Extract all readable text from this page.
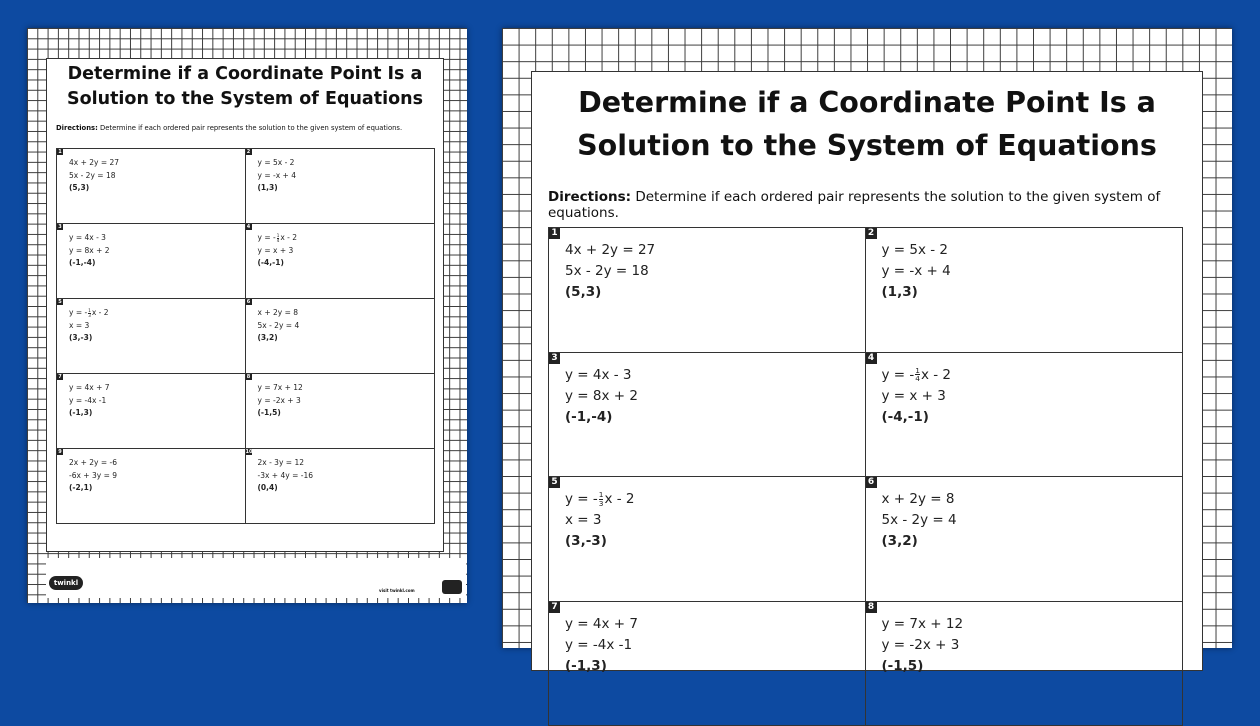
Determine if a Coordinate Point Is a
Solution to the System of Equations
Directions: Determine if each ordered pair represents the solution to the given system of equations.
1
4x + 2y = 27
5x - 2y = 18
(5,3)
2
y = 5x - 2
y = -x + 4
(1,3)
3
y = 4x - 3
y = 8x + 2
(-1,-4)
4
y = - $\frac{1}{4}$ x - 2
y = x + 3
(-4,-1)
5
y = - $\frac{1}{3}$ x - 2
x = 3
(3,-3)
6
x + 2y = 8
5x - 2y = 4
(3,2)
7
y = 4x + 7
y = -4x -1
(-1,3)
8
y = 7x + 12
y = -2x + 3
(-1,5)
9
2x + 2y = -6
-6x + 3y = 9
(-2,1)
10
2x - 3y = 12
-3x + 4y = -16
(0,4)
twinkl
visit twinkl.com
Determine if a Coordinate Point Is a
Solution to the System of Equations
Directions: Determine if each ordered pair represents the solution to the given system of equations.
1
4x + 2y = 27
5x - 2y = 18
(5,3)
2
y = 5x - 2
y = -x + 4
(1,3)
3
y = 4x - 3
y = 8x + 2
(-1,-4)
4
y = - $\frac{1}{4}$ x - 2
y = x + 3
(-4,-1)
5
y = - $\frac{1}{3}$ x - 2
x = 3
(3,-3)
6
x + 2y = 8
5x - 2y = 4
(3,2)
7
y = 4x + 7
y = -4x -1
(-1,3)
8
y = 7x + 12
y = -2x + 3
(-1,5)
